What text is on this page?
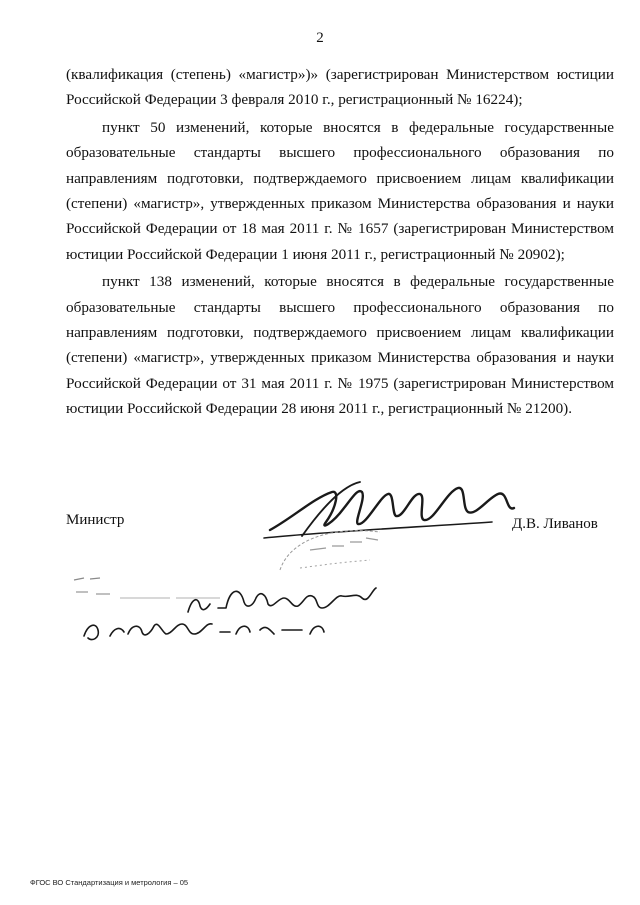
2

(квалификация (степень) «магистр»)» (зарегистрирован Министерством юстиции Российской Федерации 3 февраля 2010 г., регистрационный № 16224);

пункт 50 изменений, которые вносятся в федеральные государственные образовательные стандарты высшего профессионального образования по направлениям подготовки, подтверждаемого присвоением лицам квалификации (степени) «магистр», утвержденных приказом Министерства образования и науки Российской Федерации от 18 мая 2011 г. № 1657 (зарегистрирован Министерством юстиции Российской Федерации 1 июня 2011 г., регистрационный № 20902);

пункт 138 изменений, которые вносятся в федеральные государственные образовательные стандарты высшего профессионального образования по направлениям подготовки, подтверждаемого присвоением лицам квалификации (степени) «магистр», утвержденных приказом Министерства образования и науки Российской Федерации от 31 мая 2011 г. № 1975 (зарегистрирован Министерством юстиции Российской Федерации 28 июня 2011 г., регистрационный № 21200).

Министр	Д.В. Ливанов
ФГОС ВО Стандартизация и метрология – 05
